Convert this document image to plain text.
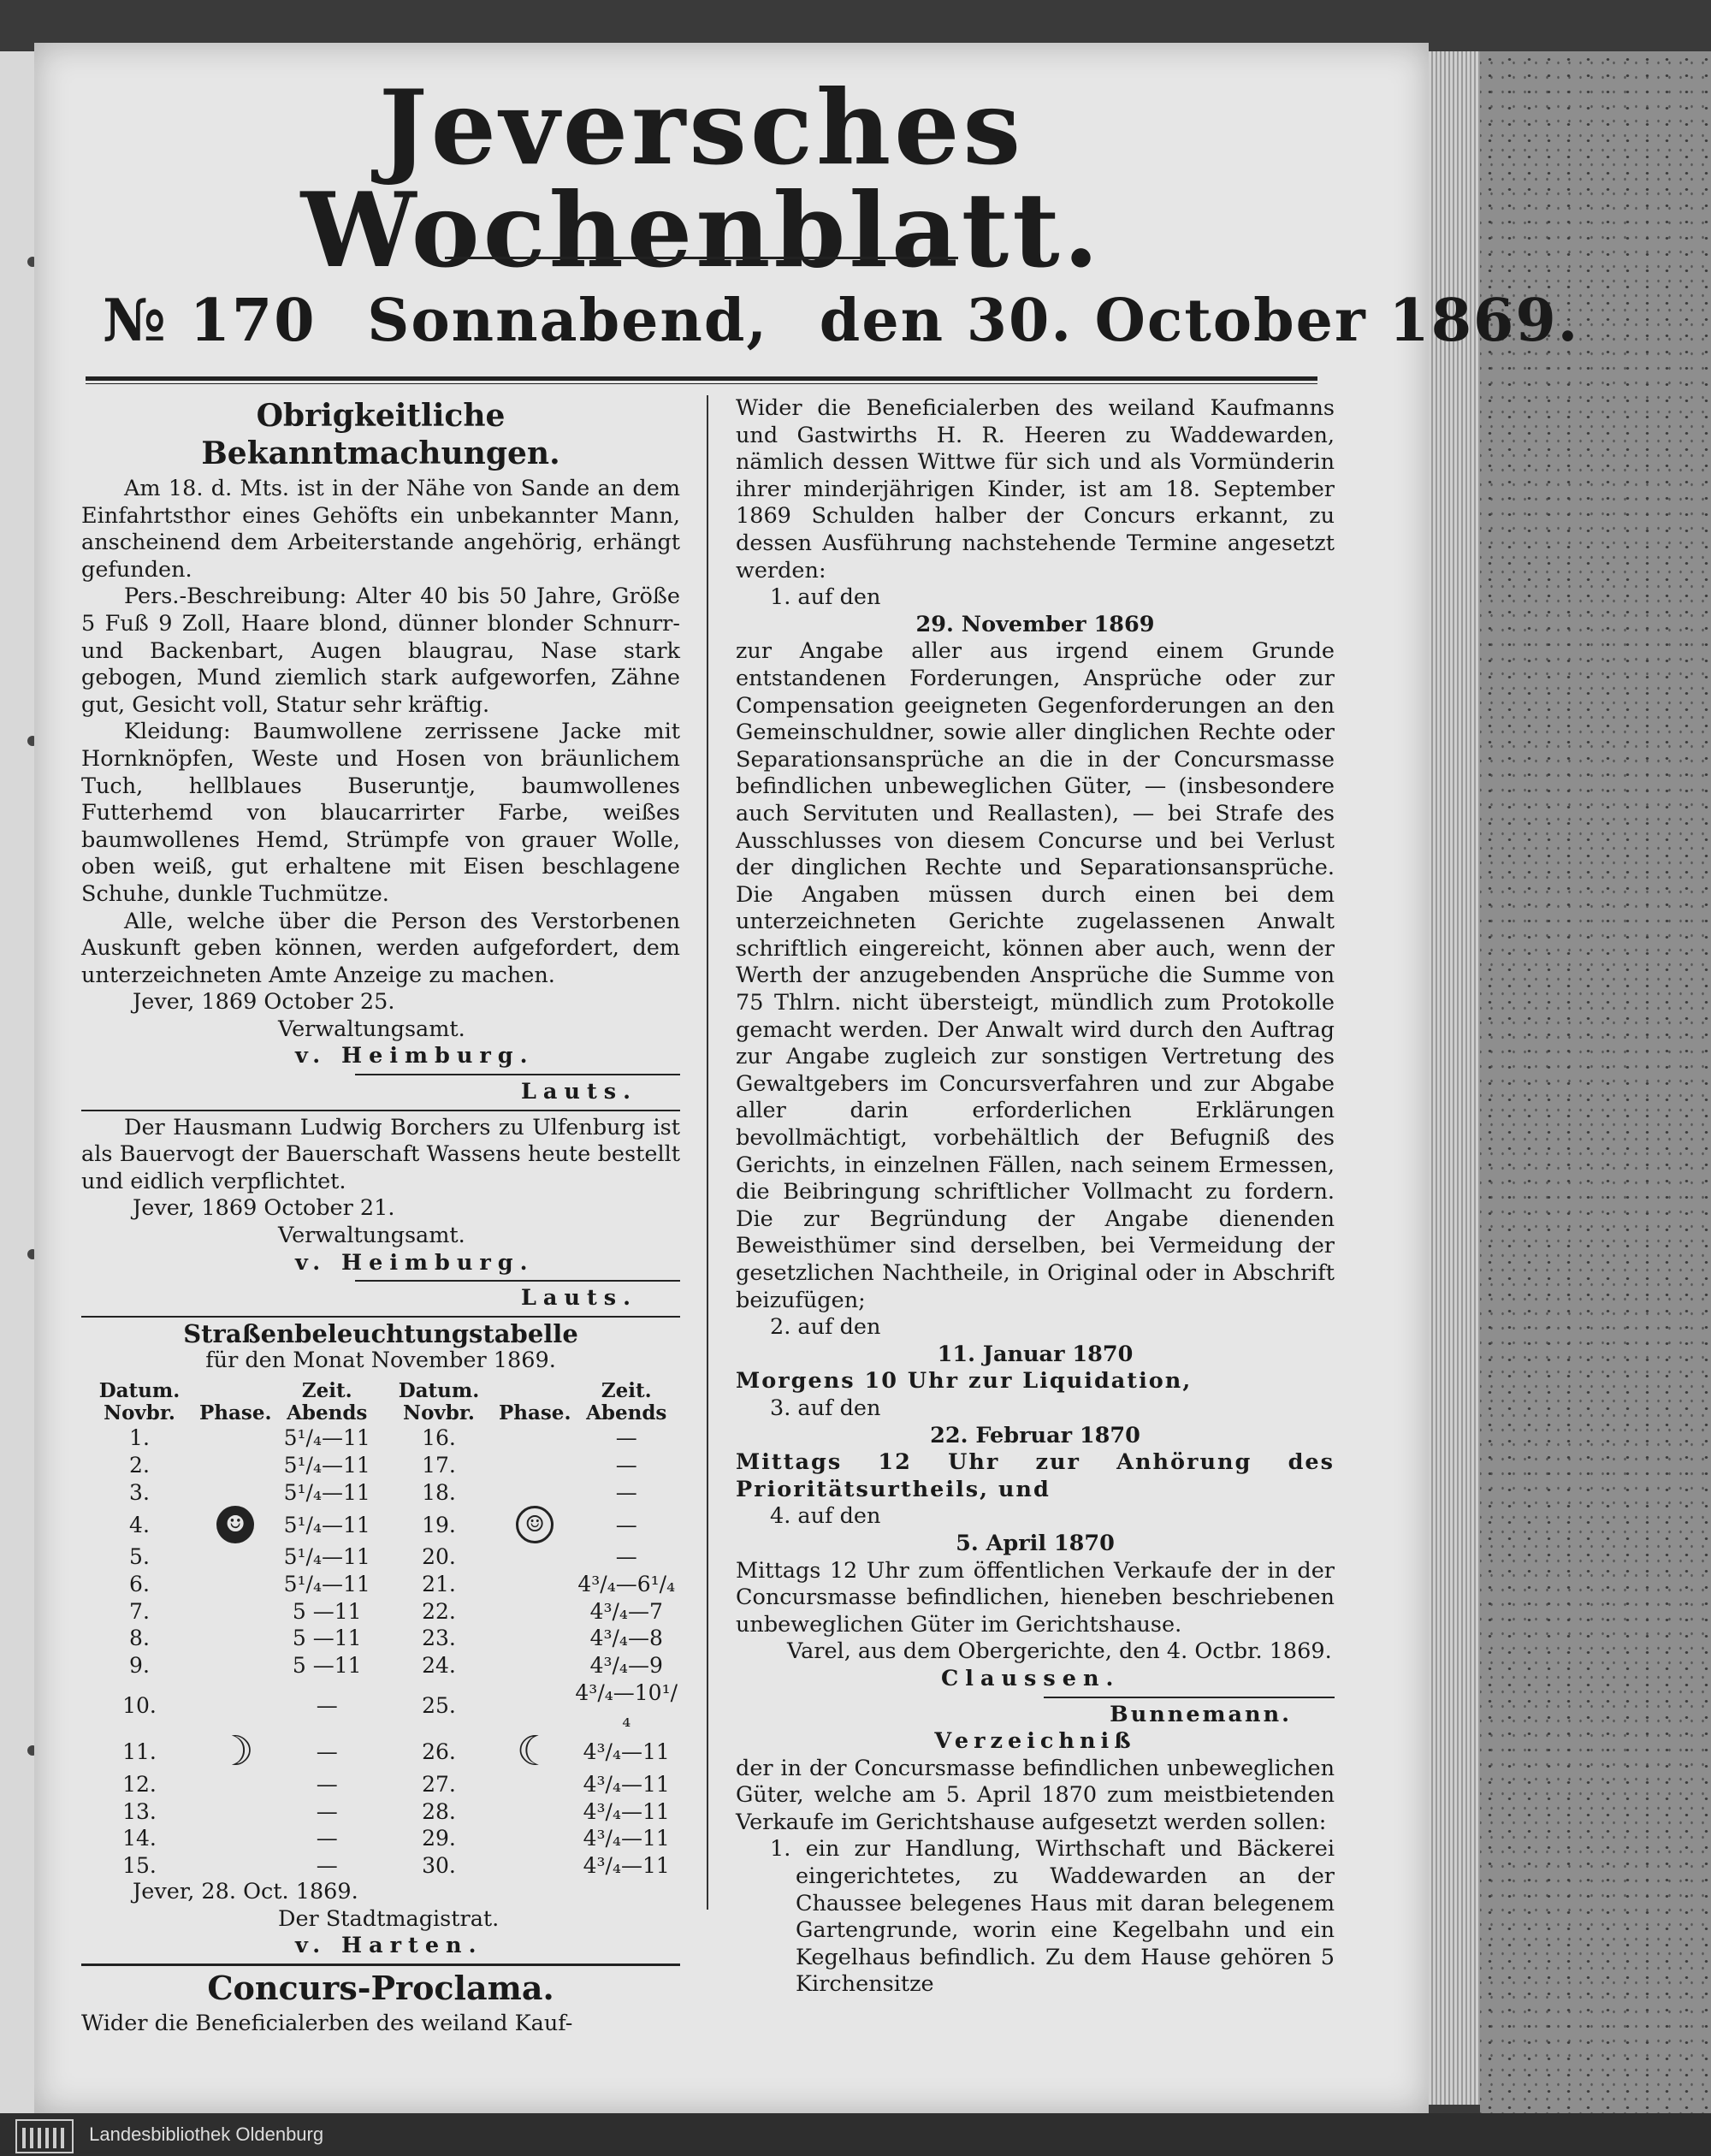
Jeversches Wochenblatt.
№ 170 Sonnabend, den 30. October 1869.
Obrigkeitliche Bekanntmachungen.

Am 18. d. Mts. ist in der Nähe von Sande an dem Einfahrtsthor eines Gehöfts ein unbekannter Mann, anscheinend dem Arbeiterstande angehörig, erhängt gefunden.

Pers.-Beschreibung: Alter 40 bis 50 Jahre, Größe 5 Fuß 9 Zoll, Haare blond, dünner blonder Schnurr- und Backenbart, Augen blaugrau, Nase stark gebogen, Mund ziemlich stark aufgeworfen, Zähne gut, Gesicht voll, Statur sehr kräftig.

Kleidung: Baumwollene zerrissene Jacke mit Hornknöpfen, Weste und Hosen von bräunlichem Tuch, hellblaues Buseruntje, baumwollenes Futterhemd von blaucarrirter Farbe, weißes baumwollenes Hemd, Strümpfe von grauer Wolle, oben weiß, gut erhaltene mit Eisen beschlagene Schuhe, dunkle Tuchmütze.

Alle, welche über die Person des Verstorbenen Auskunft geben können, werden aufgefordert, dem unterzeichneten Amte Anzeige zu machen.

Jever, 1869 October 25.

Verwaltungsamt.

v. Heimburg.

Lauts.

Der Hausmann Ludwig Borchers zu Ulfenburg ist als Bauervogt der Bauerschaft Wassens heute bestellt und eidlich verpflichtet.

Jever, 1869 October 21.

Verwaltungsamt.

v. Heimburg.

Lauts.

Straßenbeleuchtungstabelle
für den Monat November 1869.
Datum. Novbr.	Phase.	Zeit. Abends	Datum. Novbr.	Phase.	Zeit. Abends
1.		5¹/₄—11	16.		—
2.		5¹/₄—11	17.		—
3.		5¹/₄—11	18.		—
4.	☻	5¹/₄—11	19.	☺	—
5.		5¹/₄—11	20.		—
6.		5¹/₄—11	21.		4³/₄—6¹/₄
7.		5 —11	22.		4³/₄—7
8.		5 —11	23.		4³/₄—8
9.		5 —11	24.		4³/₄—9
10.		—	25.		4³/₄—10¹/₄
11.	☽	—	26.	☾	4³/₄—11
12.		—	27.		4³/₄—11
13.		—	28.		4³/₄—11
14.		—	29.		4³/₄—11
15.		—	30.		4³/₄—11

Jever, 28. Oct. 1869.

Der Stadtmagistrat.

v. Harten.

Concurs-Proclama.

Wider die Beneficialerben des weiland Kauf-

Wider die Beneficialerben des weiland Kaufmanns und Gastwirths H. R. Heeren zu Waddewarden, nämlich dessen Wittwe für sich und als Vormünderin ihrer minderjährigen Kinder, ist am 18. September 1869 Schulden halber der Concurs erkannt, zu dessen Ausführung nachstehende Termine angesetzt werden:

1. auf den

29. November 1869

zur Angabe aller aus irgend einem Grunde entstandenen Forderungen, Ansprüche oder zur Compensation geeigneten Gegenforderungen an den Gemeinschuldner, sowie aller dinglichen Rechte oder Separationsansprüche an die in der Concursmasse befindlichen unbeweglichen Güter, — (insbesondere auch Servituten und Reallasten), — bei Strafe des Ausschlusses von diesem Concurse und bei Verlust der dinglichen Rechte und Separationsansprüche. Die Angaben müssen durch einen bei dem unterzeichneten Gerichte zugelassenen Anwalt schriftlich eingereicht, können aber auch, wenn der Werth der anzugebenden Ansprüche die Summe von 75 Thlrn. nicht übersteigt, mündlich zum Protokolle gemacht werden. Der Anwalt wird durch den Auftrag zur Angabe zugleich zur sonstigen Vertretung des Gewaltgebers im Concursverfahren und zur Abgabe aller darin erforderlichen Erklärungen bevollmächtigt, vorbehältlich der Befugniß des Gerichts, in einzelnen Fällen, nach seinem Ermessen, die Beibringung schriftlicher Vollmacht zu fordern. Die zur Begründung der Angabe dienenden Beweisthümer sind derselben, bei Vermeidung der gesetzlichen Nachtheile, in Original oder in Abschrift beizufügen;

2. auf den

11. Januar 1870

Morgens 10 Uhr zur Liquidation,

3. auf den

22. Februar 1870

Mittags 12 Uhr zur Anhörung des Prioritätsurtheils, und

4. auf den

5. April 1870

Mittags 12 Uhr zum öffentlichen Verkaufe der in der Concursmasse befindlichen, hieneben beschriebenen unbeweglichen Güter im Gerichtshause.

Varel, aus dem Obergerichte, den 4. Octbr. 1869.

Claussen.

Bunnemann.

Verzeichniß

der in der Concursmasse befindlichen unbeweglichen Güter, welche am 5. April 1870 zum meistbietenden Verkaufe im Gerichtshause aufgesetzt werden sollen:

1. ein zur Handlung, Wirthschaft und Bäckerei eingerichtetes, zu Waddewarden an der Chaussee belegenes Haus mit daran belegenem Gartengrunde, worin eine Kegelbahn und ein Kegelhaus befindlich. Zu dem Hause gehören 5 Kirchensitze

Landesbibliothek Oldenburg
